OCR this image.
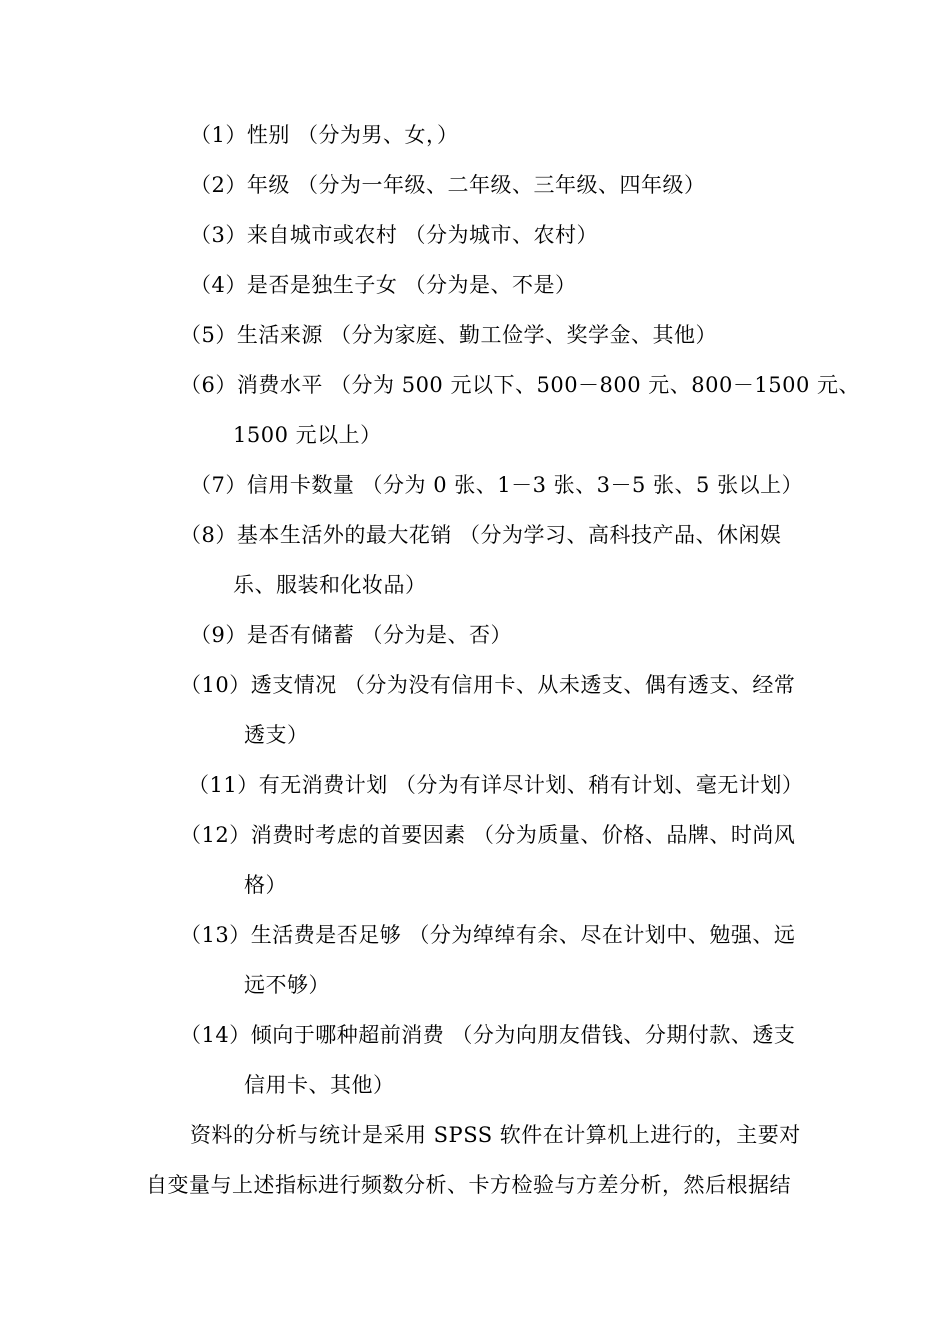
（1）性别 （分为男、女，）
（2）年级 （分为一年级、二年级、三年级、四年级）
（3）来自城市或农村 （分为城市、农村）
（4）是否是独生子女 （分为是、不是）
（5）生活来源 （分为家庭、勤工俭学、奖学金、其他）
（6）消费水平 （分为 500 元以下、500－800 元、800－1500 元、
1500 元以上）
（7）信用卡数量 （分为 0 张、1－3 张、3－5 张、5 张以上）
（8）基本生活外的最大花销 （分为学习、高科技产品、休闲娱
乐、服装和化妆品）
（9）是否有储蓄 （分为是、否）
（10）透支情况 （分为没有信用卡、从未透支、偶有透支、经常
透支）
（11）有无消费计划 （分为有详尽计划、稍有计划、毫无计划）
（12）消费时考虑的首要因素 （分为质量、价格、品牌、时尚风
格）
（13）生活费是否足够 （分为绰绰有余、尽在计划中、勉强、远
远不够）
（14）倾向于哪种超前消费 （分为向朋友借钱、分期付款、透支
信用卡、其他）
资料的分析与统计是采用 SPSS 软件在计算机上进行的，主要对
自变量与上述指标进行频数分析、卡方检验与方差分析，然后根据结
